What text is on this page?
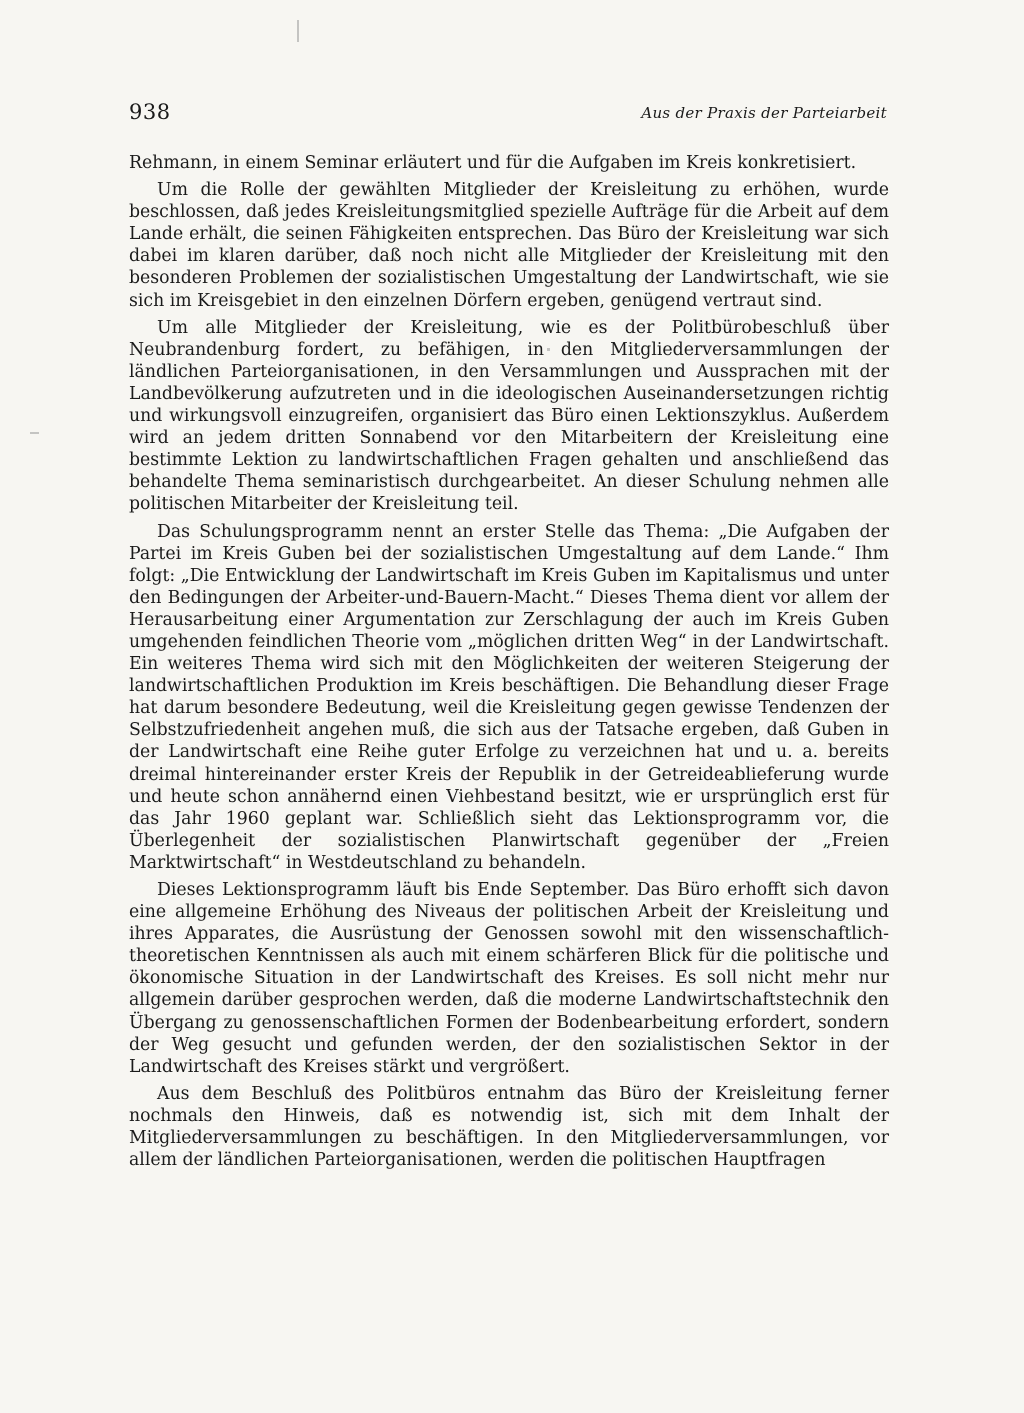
938	Aus der Praxis der Parteiarbeit

Rehmann, in einem Seminar erläutert und für die Aufgaben im Kreis konkretisiert.

Um die Rolle der gewählten Mitglieder der Kreisleitung zu erhöhen, wurde beschlossen, daß jedes Kreisleitungsmitglied spezielle Aufträge für die Arbeit auf dem Lande erhält, die seinen Fähigkeiten entsprechen. Das Büro der Kreisleitung war sich dabei im klaren darüber, daß noch nicht alle Mitglieder der Kreisleitung mit den besonderen Problemen der sozialistischen Umgestaltung der Landwirtschaft, wie sie sich im Kreisgebiet in den einzelnen Dörfern ergeben, genügend vertraut sind.

Um alle Mitglieder der Kreisleitung, wie es der Politbürobeschluß über Neubrandenburg fordert, zu befähigen, in den Mitgliederversammlungen der ländlichen Parteiorganisationen, in den Versammlungen und Aussprachen mit der Landbevölkerung aufzutreten und in die ideologischen Auseinandersetzungen richtig und wirkungsvoll einzugreifen, organisiert das Büro einen Lektionszyklus. Außerdem wird an jedem dritten Sonnabend vor den Mitarbeitern der Kreisleitung eine bestimmte Lektion zu landwirtschaftlichen Fragen gehalten und anschließend das behandelte Thema seminaristisch durchgearbeitet. An dieser Schulung nehmen alle politischen Mitarbeiter der Kreisleitung teil.

Das Schulungsprogramm nennt an erster Stelle das Thema: „Die Aufgaben der Partei im Kreis Guben bei der sozialistischen Umgestaltung auf dem Lande.“ Ihm folgt: „Die Entwicklung der Landwirtschaft im Kreis Guben im Kapitalismus und unter den Bedingungen der Arbeiter-und-Bauern-Macht.“ Dieses Thema dient vor allem der Herausarbeitung einer Argumentation zur Zerschlagung der auch im Kreis Guben umgehenden feindlichen Theorie vom „möglichen dritten Weg“ in der Landwirtschaft. Ein weiteres Thema wird sich mit den Möglichkeiten der weiteren Steigerung der landwirtschaftlichen Produktion im Kreis beschäftigen. Die Behandlung dieser Frage hat darum besondere Bedeutung, weil die Kreisleitung gegen gewisse Tendenzen der Selbstzufriedenheit angehen muß, die sich aus der Tatsache ergeben, daß Guben in der Landwirtschaft eine Reihe guter Erfolge zu verzeichnen hat und u. a. bereits dreimal hintereinander erster Kreis der Republik in der Getreideablieferung wurde und heute schon annähernd einen Viehbestand besitzt, wie er ursprünglich erst für das Jahr 1960 geplant war. Schließlich sieht das Lektionsprogramm vor, die Überlegenheit der sozialistischen Planwirtschaft gegenüber der „Freien Marktwirtschaft“ in Westdeutschland zu behandeln.

Dieses Lektionsprogramm läuft bis Ende September. Das Büro erhofft sich davon eine allgemeine Erhöhung des Niveaus der politischen Arbeit der Kreisleitung und ihres Apparates, die Ausrüstung der Genossen sowohl mit den wissenschaftlich-theoretischen Kenntnissen als auch mit einem schärferen Blick für die politische und ökonomische Situation in der Landwirtschaft des Kreises. Es soll nicht mehr nur allgemein darüber gesprochen werden, daß die moderne Landwirtschaftstechnik den Übergang zu genossenschaftlichen Formen der Bodenbearbeitung erfordert, sondern der Weg gesucht und gefunden werden, der den sozialistischen Sektor in der Landwirtschaft des Kreises stärkt und vergrößert.

Aus dem Beschluß des Politbüros entnahm das Büro der Kreisleitung ferner nochmals den Hinweis, daß es notwendig ist, sich mit dem Inhalt der Mitgliederversammlungen zu beschäftigen. In den Mitgliederversammlungen, vor allem der ländlichen Parteiorganisationen, werden die politischen Hauptfragen
